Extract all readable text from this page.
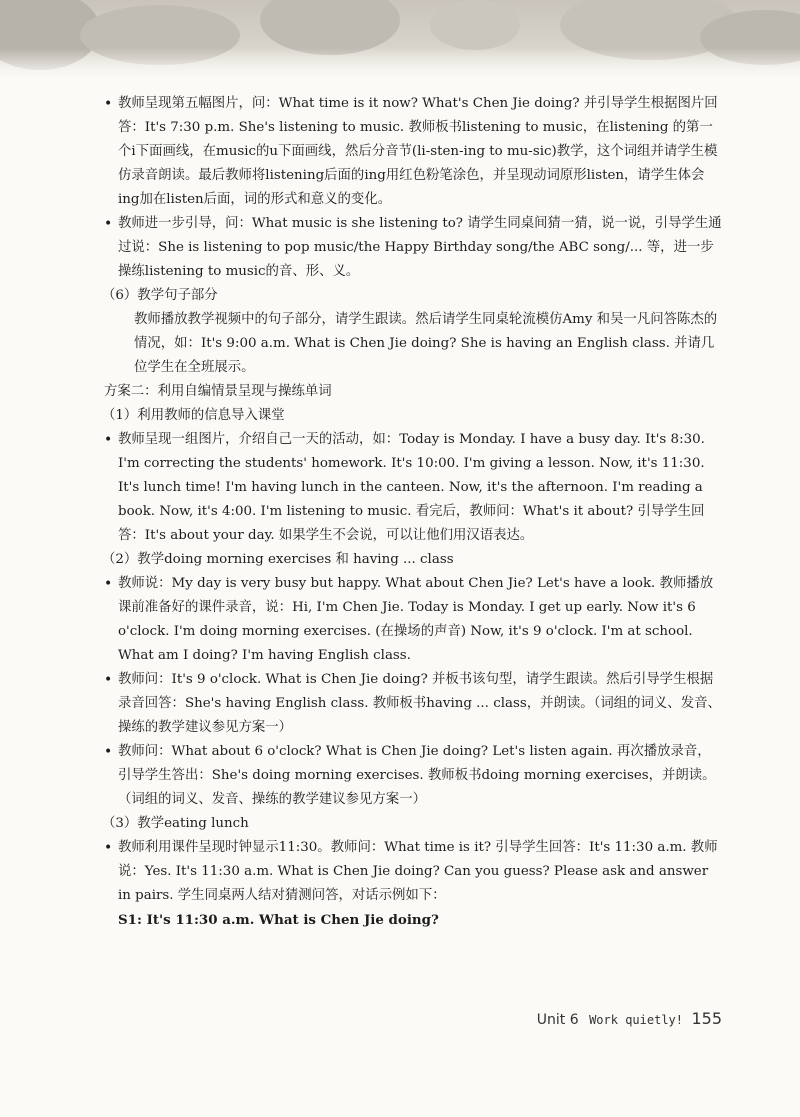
• 教师呈现第五幅图片，问：What time is it now? What's Chen Jie doing? 并引导学生根据图片回答：It's 7:30 p.m. She's listening to music. 教师板书listening to music，在listening 的第一个i下面画线，在music的u下面画线，然后分音节(li-sten-ing to mu-sic)教学，这个词组并请学生模仿录音朗读。最后教师将listening后面的ing用红色粉笔涂色，并呈现动词原形listen，请学生体会ing加在listen后面，词的形式和意义的变化。

• 教师进一步引导，问：What music is she listening to? 请学生同桌间猜一猜，说一说，引导学生通过说：She is listening to pop music/the Happy Birthday song/the ABC song/... 等，进一步操练listening to music的音、形、义。

（6）教学句子部分

教师播放教学视频中的句子部分，请学生跟读。然后请学生同桌轮流模仿Amy 和吴一凡问答陈杰的情况，如：It's 9:00 a.m. What is Chen Jie doing? She is having an English class. 并请几位学生在全班展示。

方案二：利用自编情景呈现与操练单词

（1）利用教师的信息导入课堂

• 教师呈现一组图片，介绍自己一天的活动，如：Today is Monday. I have a busy day. It's 8:30. I'm correcting the students' homework. It's 10:00. I'm giving a lesson. Now, it's 11:30. It's lunch time! I'm having lunch in the canteen. Now, it's the afternoon. I'm reading a book. Now, it's 4:00. I'm listening to music. 看完后，教师问：What's it about? 引导学生回答：It's about your day. 如果学生不会说，可以让他们用汉语表达。

（2）教学doing morning exercises 和 having ... class

• 教师说：My day is very busy but happy. What about Chen Jie? Let's have a look. 教师播放课前准备好的课件录音，说：Hi, I'm Chen Jie. Today is Monday. I get up early. Now it's 6 o'clock. I'm doing morning exercises. (在操场的声音) Now, it's 9 o'clock. I'm at school. What am I doing? I'm having English class.

• 教师问：It's 9 o'clock. What is Chen Jie doing? 并板书该句型，请学生跟读。然后引导学生根据录音回答：She's having English class. 教师板书having ... class，并朗读。（词组的词义、发音、操练的教学建议参见方案一）

• 教师问：What about 6 o'clock? What is Chen Jie doing? Let's listen again. 再次播放录音，引导学生答出：She's doing morning exercises. 教师板书doing morning exercises，并朗读。（词组的词义、发音、操练的教学建议参见方案一）

（3）教学eating lunch

• 教师利用课件呈现时钟显示11:30。教师问：What time is it? 引导学生回答：It's 11:30 a.m. 教师说：Yes. It's 11:30 a.m. What is Chen Jie doing? Can you guess? Please ask and answer in pairs. 学生同桌两人结对猜测问答，对话示例如下：

S1: It's 11:30 a.m. What is Chen Jie doing?

Unit 6 Work quietly! 155
